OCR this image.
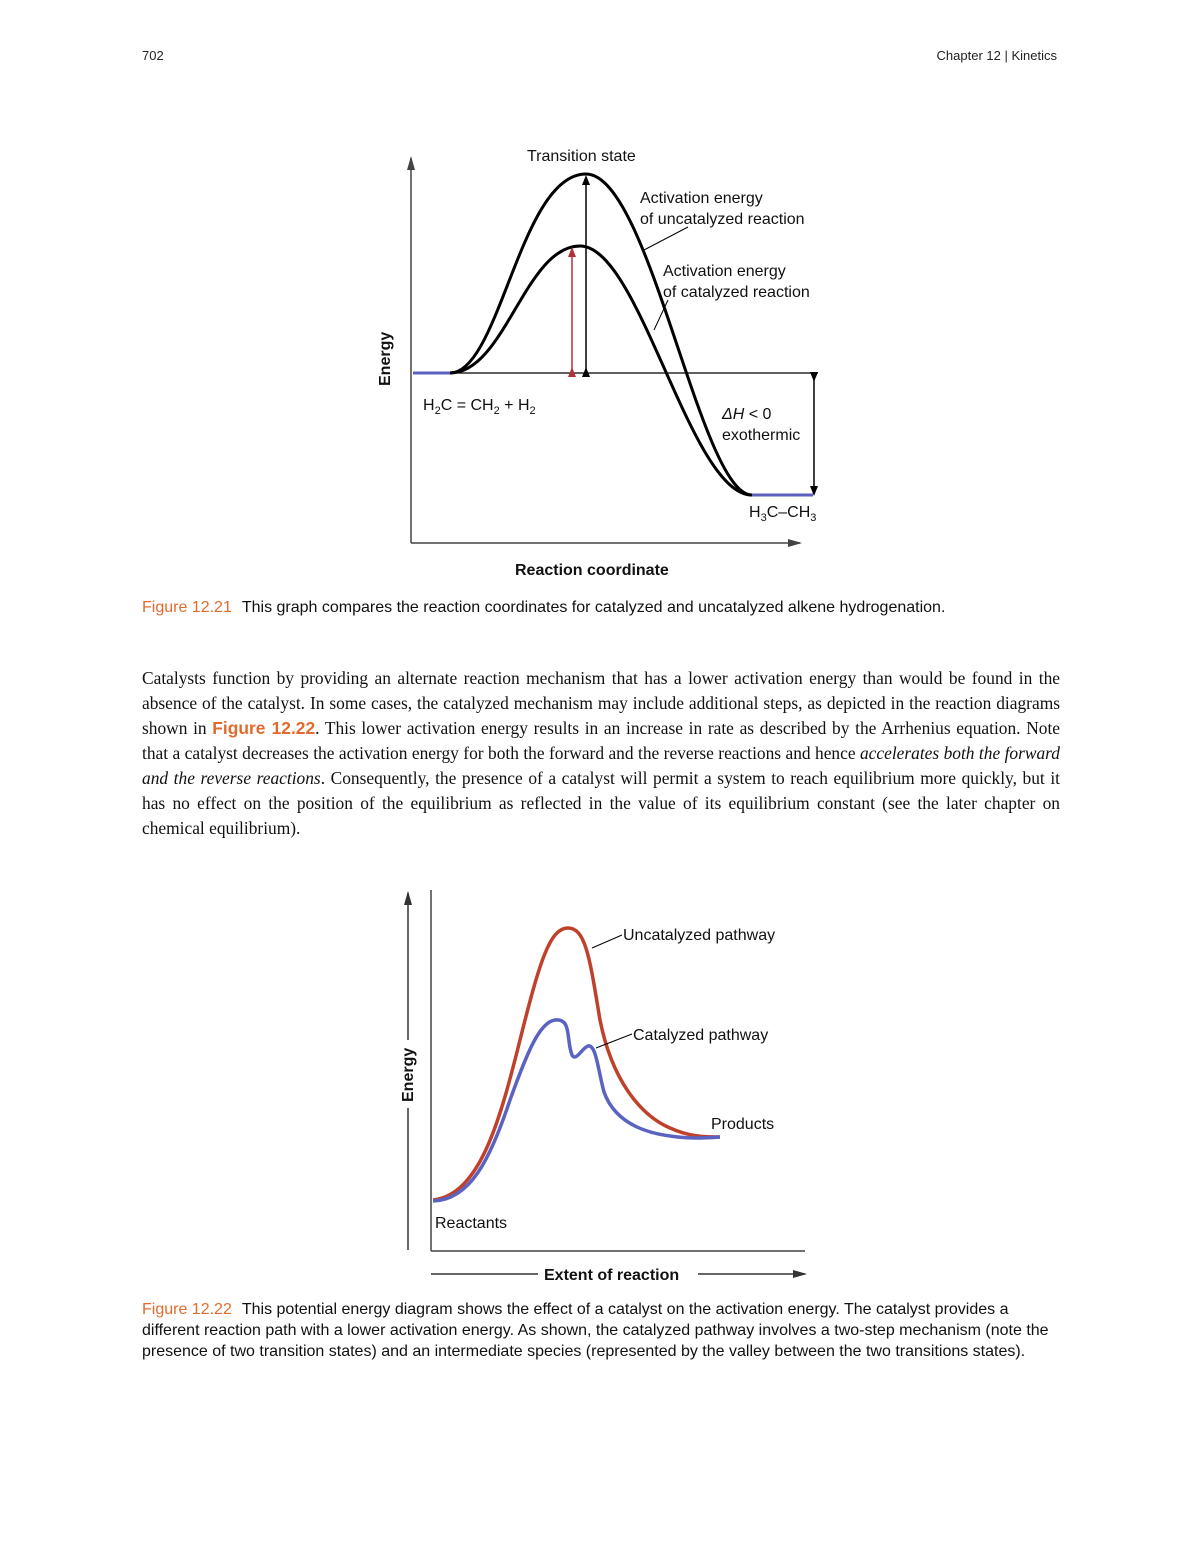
702	Chapter 12 | Kinetics
Transition state
Activation energy
of uncatalyzed reaction
Activation energy
of catalyzed reaction
$H_2C = CH_2 + H_2$	ΔH < 0
exothermic
$H_3C-CH_3$
Energy
Reaction coordinate
Figure 12.21 This graph compares the reaction coordinates for catalyzed and uncatalyzed alkene hydrogenation.

Catalysts function by providing an alternate reaction mechanism that has a lower activation energy than would be found in the absence of the catalyst. In some cases, the catalyzed mechanism may include additional steps, as depicted in the reaction diagrams shown in Figure 12.22. This lower activation energy results in an increase in rate as described by the Arrhenius equation. Note that a catalyst decreases the activation energy for both the forward and the reverse reactions and hence accelerates both the forward and the reverse reactions. Consequently, the presence of a catalyst will permit a system to reach equilibrium more quickly, but it has no effect on the position of the equilibrium as reflected in the value of its equilibrium constant (see the later chapter on chemical equilibrium).

Uncatalyzed pathway
Catalyzed pathway
Products
Reactants
Energy
Extent of reaction
Figure 12.22 This potential energy diagram shows the effect of a catalyst on the activation energy. The catalyst provides a different reaction path with a lower activation energy. As shown, the catalyzed pathway involves a two-step mechanism (note the presence of two transition states) and an intermediate species (represented by the valley between the two transitions states).
